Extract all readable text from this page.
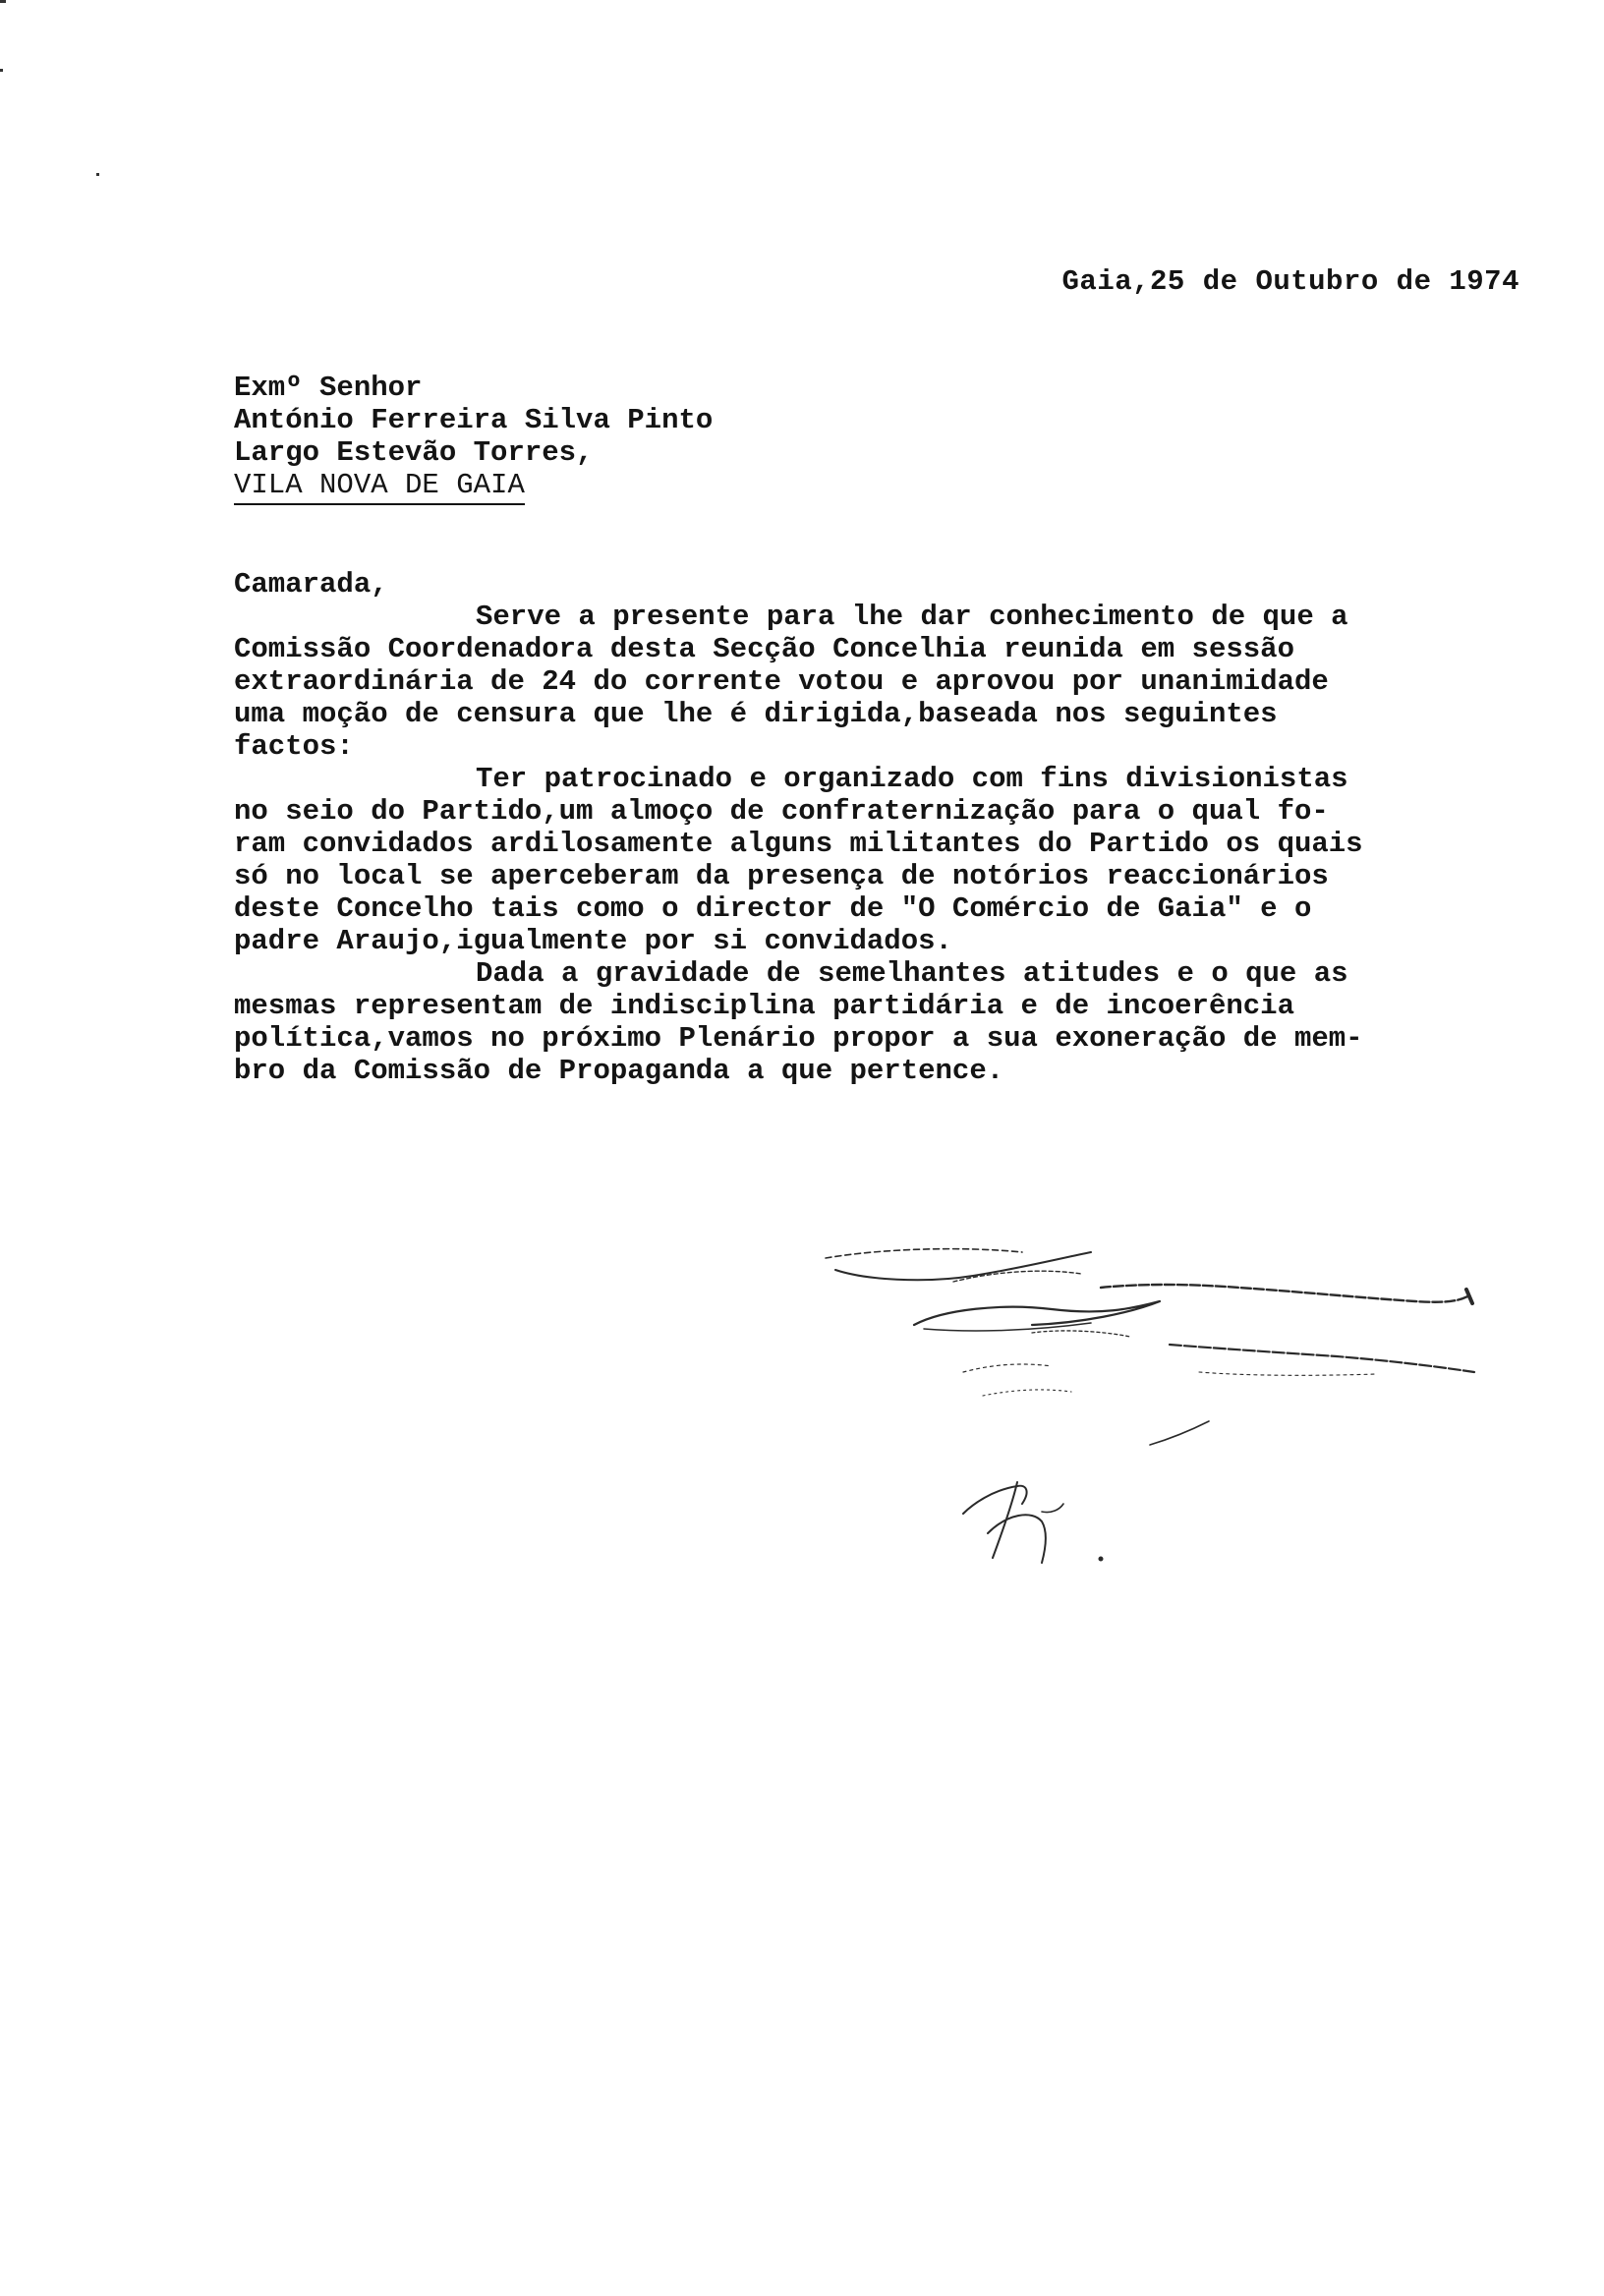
Gaia,25 de Outubro de 1974
Exmº Senhor
António Ferreira Silva Pinto
Largo Estevão Torres,
VILA NOVA DE GAIA
Camarada,
Serve a presente para lhe dar conhecimento de que a
Comissão Coordenadora desta Secção Concelhia reunida em sessão
extraordinária de 24 do corrente votou e aprovou por unanimidade
uma moção de censura que lhe é dirigida,baseada nos seguintes
factos:
Ter patrocinado e organizado com fins divisionistas
no seio do Partido,um almoço de confraternização para o qual fo-
ram convidados ardilosamente alguns militantes do Partido os quais
só no local se aperceberam da presença de notórios reaccionários
deste Concelho tais como o director de "O Comércio de Gaia" e o
padre Araujo,igualmente por si convidados.
Dada a gravidade de semelhantes atitudes e o que as
mesmas representam de indisciplina partidária e de incoerência
política,vamos no próximo Plenário propor a sua exoneração de mem-
bro da Comissão de Propaganda a que pertence.
